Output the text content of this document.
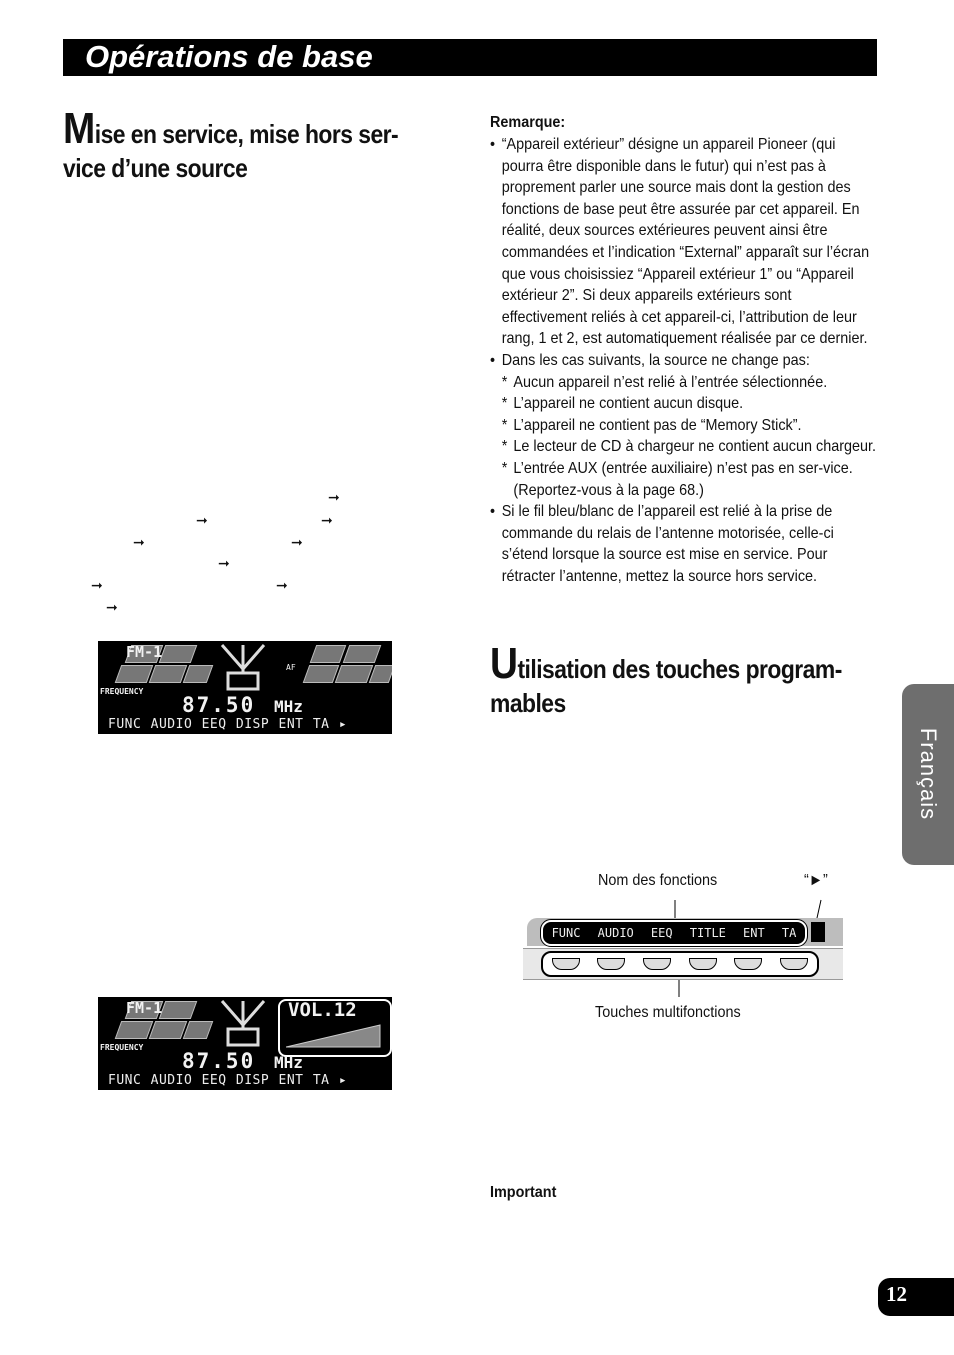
Opérations de base
Mise en service, mise hors ser-
vice d’une source
➞
➞	➞
➞	➞
➞
➞	➞
➞
FM-1
FREQUENCY
AF
87.50 MHz
FUNC AUDIO EEQ DISP ENT TA ▸
FM-1
FREQUENCY
VOL.12
87.50 MHz
FUNC AUDIO EEQ DISP ENT TA ▸
Remarque:
• “Appareil extérieur” désigne un appareil Pioneer (qui pourra être disponible dans le futur) qui n’est pas à proprement parler une source mais dont la gestion des fonctions de base peut être assurée par cet appareil. En réalité, deux sources extérieures peuvent ainsi être commandées et l’indication “External” apparaît sur l’écran que vous choisissiez “Appareil extérieur 1” ou “Appareil extérieur 2”. Si deux appareils extérieurs sont effectivement reliés à cet appareil-ci, l’attribution de leur rang, 1 et 2, est automatiquement réalisée par ce dernier.
• Dans les cas suivants, la source ne change pas:
* Aucun appareil n’est relié à l’entrée sélectionnée.
* L’appareil ne contient aucun disque.
* L’appareil ne contient pas de “Memory Stick”.
* Le lecteur de CD à chargeur ne contient aucun chargeur.
* L’entrée AUX (entrée auxiliaire) n’est pas en ser-vice. (Reportez-vous à la page 68.)
• Si le fil bleu/blanc de l’appareil est relié à la prise de commande du relais de l’antenne motorisée, celle-ci s’étend lorsque la source est mise en service. Pour rétracter l’antenne, mettez la source hors service.
Utilisation des touches program-
mables
Nom des fonctions	“►”
FUNC AUDIO EEQ TITLE ENT TA
Touches multifonctions
Important
Français
12
